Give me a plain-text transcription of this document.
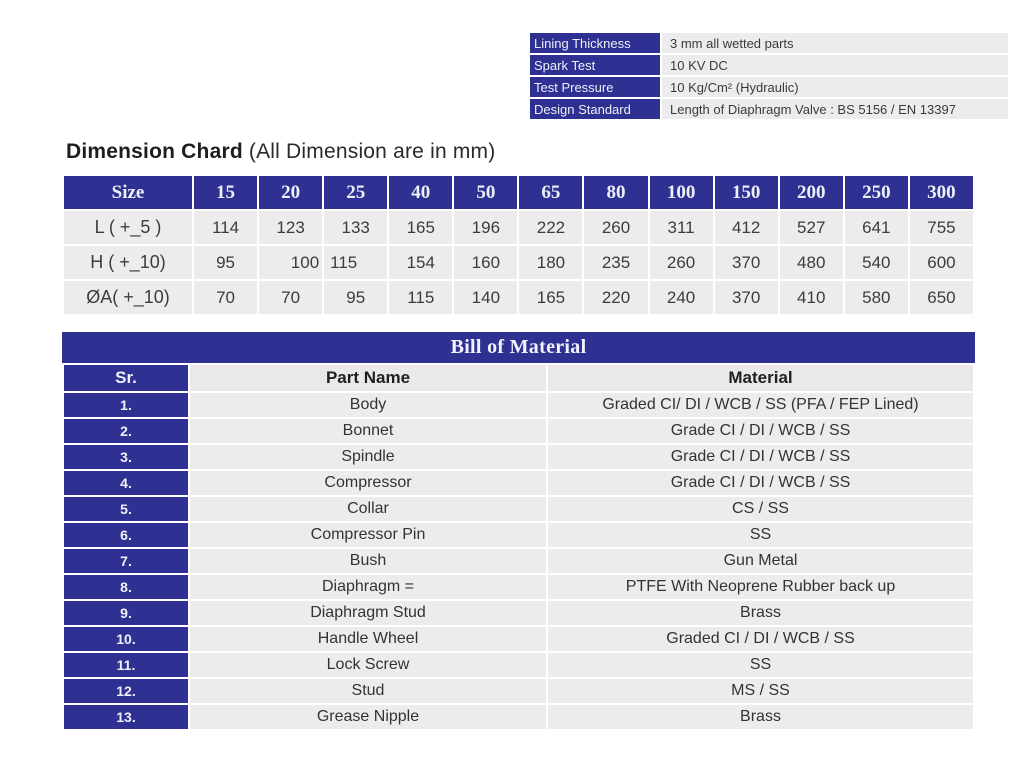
Lining Thickness	3 mm all wetted parts
Spark Test	10 KV DC
Test Pressure	10 Kg/Cm² (Hydraulic)
Design Standard	Length of Diaphragm Valve : BS 5156 / EN 13397
Dimension Chard (All Dimension are in mm)
Size	15	20	25	40	50	65	80	100	150	200	250	300
L ( +_5 )	114	123	133	165	196	222	260	311	412	527	641	755
H ( +_10)	95	100	115	154	160	180	235	260	370	480	540	600
ØA( +_10)	70	70	95	115	140	165	220	240	370	410	580	650
Bill of Material
Sr.	Part Name	Material
1.	Body	Graded CI/ DI / WCB / SS (PFA / FEP Lined)
2.	Bonnet	Grade CI / DI / WCB / SS
3.	Spindle	Grade CI / DI / WCB / SS
4.	Compressor	Grade CI / DI / WCB / SS
5.	Collar	CS / SS
6.	Compressor Pin	SS
7.	Bush	Gun Metal
8.	Diaphragm =	PTFE With Neoprene Rubber back up
9.	Diaphragm Stud	Brass
10.	Handle Wheel	Graded CI / DI / WCB / SS
11.	Lock Screw	SS
12.	Stud	MS / SS
13.	Grease Nipple	Brass
